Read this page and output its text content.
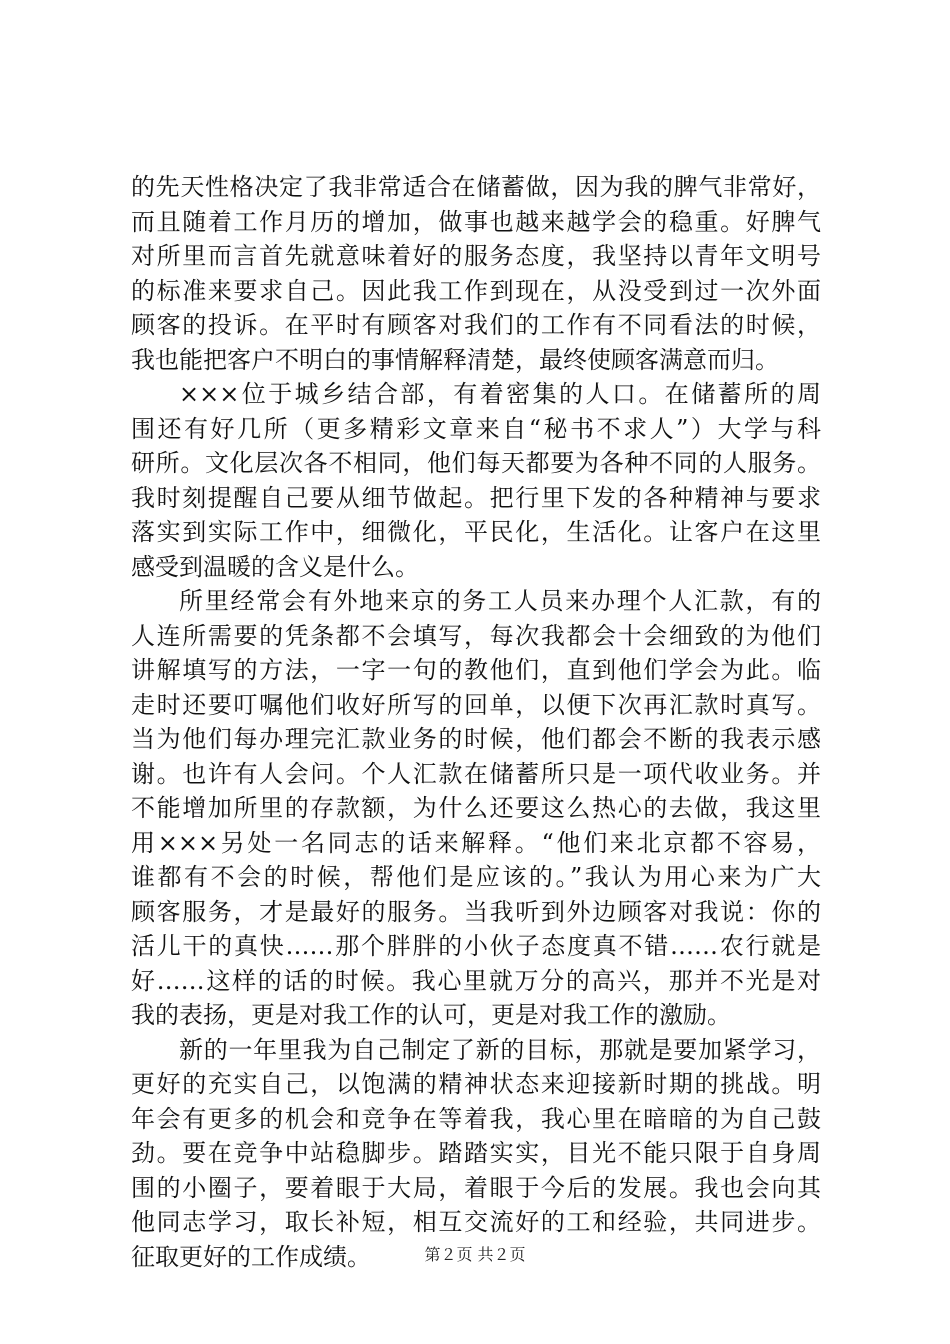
的先天性格决定了我非常适合在储蓄做，因为我的脾气非常好，
而且随着工作月历的增加，做事也越来越学会的稳重。好脾气
对所里而言首先就意味着好的服务态度，我坚持以青年文明号
的标准来要求自己。因此我工作到现在，从没受到过一次外面
顾客的投诉。在平时有顾客对我们的工作有不同看法的时候，
我也能把客户不明白的事情解释清楚，最终使顾客满意而归。
×××位于城乡结合部，有着密集的人口。在储蓄所的周
围还有好几所（更多精彩文章来自“秘书不求人”）大学与科
研所。文化层次各不相同，他们每天都要为各种不同的人服务。
我时刻提醒自己要从细节做起。把行里下发的各种精神与要求
落实到实际工作中，细微化，平民化，生活化。让客户在这里
感受到温暖的含义是什么。
所里经常会有外地来京的务工人员来办理个人汇款，有的
人连所需要的凭条都不会填写，每次我都会十会细致的为他们
讲解填写的方法，一字一句的教他们，直到他们学会为此。临
走时还要叮嘱他们收好所写的回单，以便下次再汇款时真写。
当为他们每办理完汇款业务的时候，他们都会不断的我表示感
谢。也许有人会问。个人汇款在储蓄所只是一项代收业务。并
不能增加所里的存款额，为什么还要这么热心的去做，我这里
用×××另处一名同志的话来解释。“他们来北京都不容易，
谁都有不会的时候，帮他们是应该的。”我认为用心来为广大
顾客服务，才是最好的服务。当我听到外边顾客对我说：你的
活儿干的真快……那个胖胖的小伙子态度真不错……农行就是
好……这样的话的时候。我心里就万分的高兴，那并不光是对
我的表扬，更是对我工作的认可，更是对我工作的激励。
新的一年里我为自己制定了新的目标，那就是要加紧学习，
更好的充实自己，以饱满的精神状态来迎接新时期的挑战。明
年会有更多的机会和竞争在等着我，我心里在暗暗的为自己鼓
劲。要在竞争中站稳脚步。踏踏实实，目光不能只限于自身周
围的小圈子，要着眼于大局，着眼于今后的发展。我也会向其
他同志学习，取长补短，相互交流好的工和经验，共同进步。
征取更好的工作成绩。	第２页 共２页
